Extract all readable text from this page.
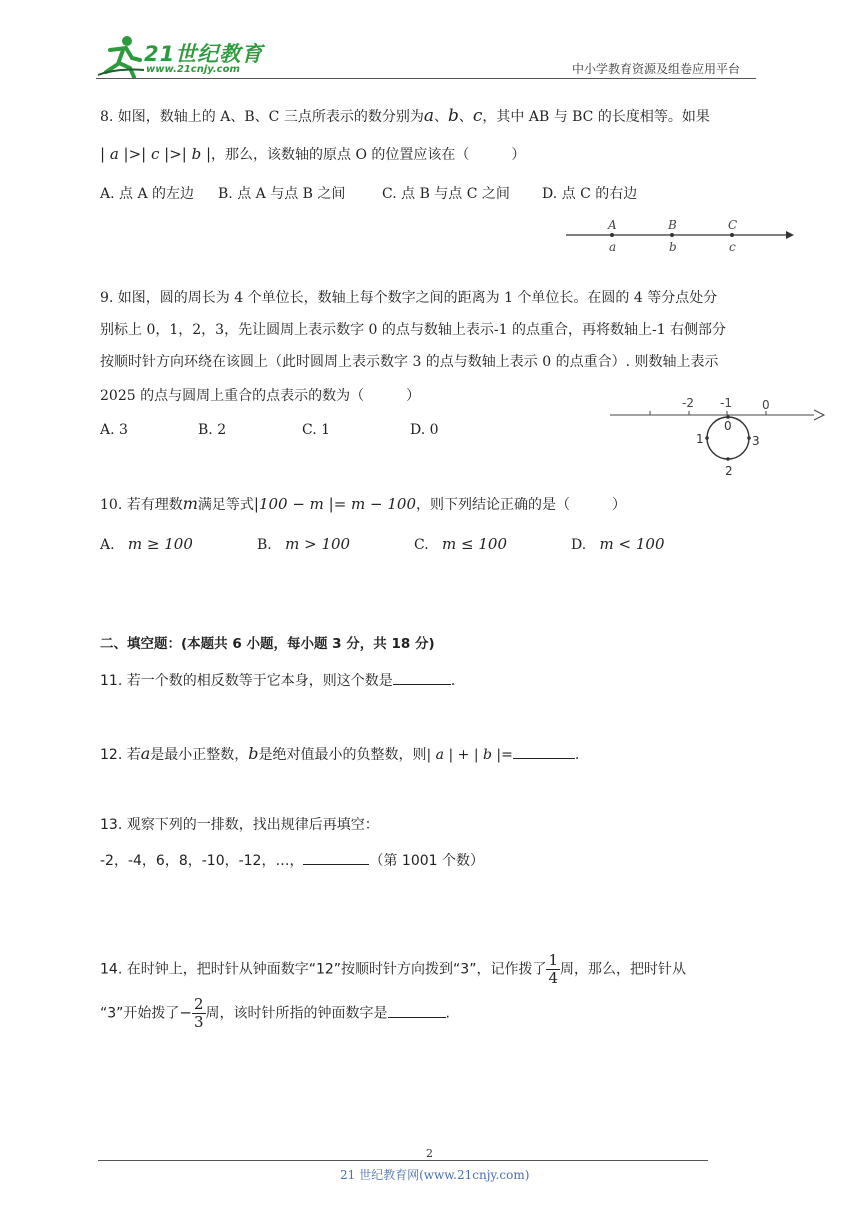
21世纪教育
www.21cnjy.com	中小学教育资源及组卷应用平台
8. 如图，数轴上的 A、B、C 三点所表示的数分别为a、b、c，其中 AB 与 BC 的长度相等。如果
| a |>| c |>| b |，那么，该数轴的原点 O 的位置应该在（　　　）
A. 点 A 的左边 B. 点 A 与点 B 之间	C. 点 B 与点 C 之间 D. 点 C 的右边
A	B	C
a	b	c
9. 如图，圆的周长为 4 个单位长，数轴上每个数字之间的距离为 1 个单位长。在圆的 4 等分点处分
别标上 0，1，2，3，先让圆周上表示数字 0 的点与数轴上表示-1 的点重合，再将数轴上-1 右侧部分
按顺时针方向环绕在该圆上（此时圆周上表示数字 3 的点与数轴上表示 0 的点重合）. 则数轴上表示
2025 的点与圆周上重合的点表示的数为（　　　）
A. 3	B. 2	C. 1	D. 0
-2 -1	0
0
1
2
3
10. 若有理数m满足等式|100 − m |= m − 100，则下列结论正确的是（　　　）
A. m ≥ 100	B. m > 100	C. m ≤ 100	D. m < 100
二、填空题：(本题共 6 小题，每小题 3 分，共 18 分)
11. 若一个数的相反数等于它本身，则这个数是	.
12. 若a是最小正整数，b是绝对值最小的负整数，则| a | + | b |=	.
13. 观察下列的一排数，找出规律后再填空：
-2，-4，6，8，-10，-12，…，	（第 1001 个数）
14. 在时钟上，把时针从钟面数字“12”按顺时针方向拨到“3”，记作拨了 $\frac{1}{4}$ 周，那么，把时针从
“3”开始拨了− $\frac{2}{3}$ 周，该时针所指的钟面数字是	.
2
21 世纪教育网(www.21cnjy.com)
